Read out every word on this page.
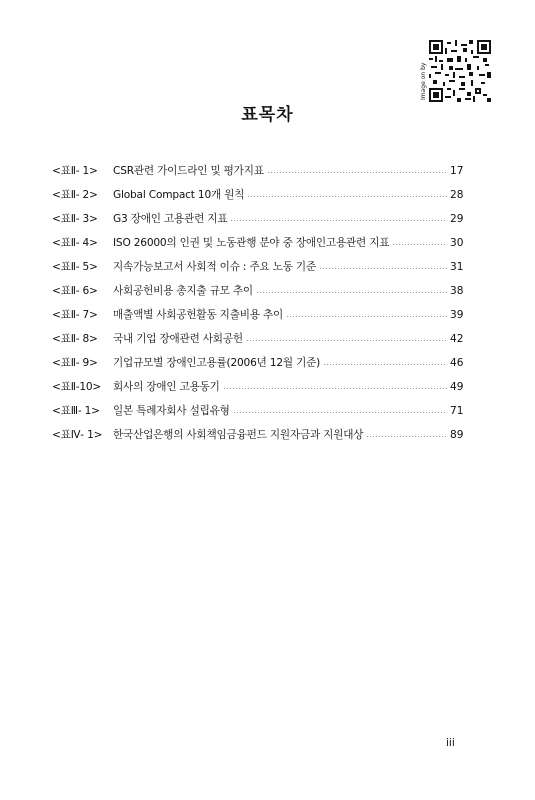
Image on by
표목차
<표Ⅱ- 1>	CSR관련 가이드라인 및 평가지표	17
<표Ⅱ- 2>	Global Compact 10개 원칙	28
<표Ⅱ- 3>	G3 장애인 고용관련 지표	29
<표Ⅱ- 4>	ISO 26000의 인권 및 노동관행 분야 중 장애인고용관련 지표	30
<표Ⅱ- 5>	지속가능보고서 사회적 이슈 : 주요 노동 기준	31
<표Ⅱ- 6>	사회공헌비용 총지출 규모 추이	38
<표Ⅱ- 7>	매출액별 사회공헌활동 지출비용 추이	39
<표Ⅱ- 8>	국내 기업 장애관련 사회공헌	42
<표Ⅱ- 9>	기업규모별 장애인고용률(2006년 12월 기준)	46
<표Ⅱ-10>	회사의 장애인 고용동기	49
<표Ⅲ- 1>	일본 특례자회사 설립유형	71
<표Ⅳ- 1>	한국산업은행의 사회책임금융펀드 지원자금과 지원대상	89
iii
